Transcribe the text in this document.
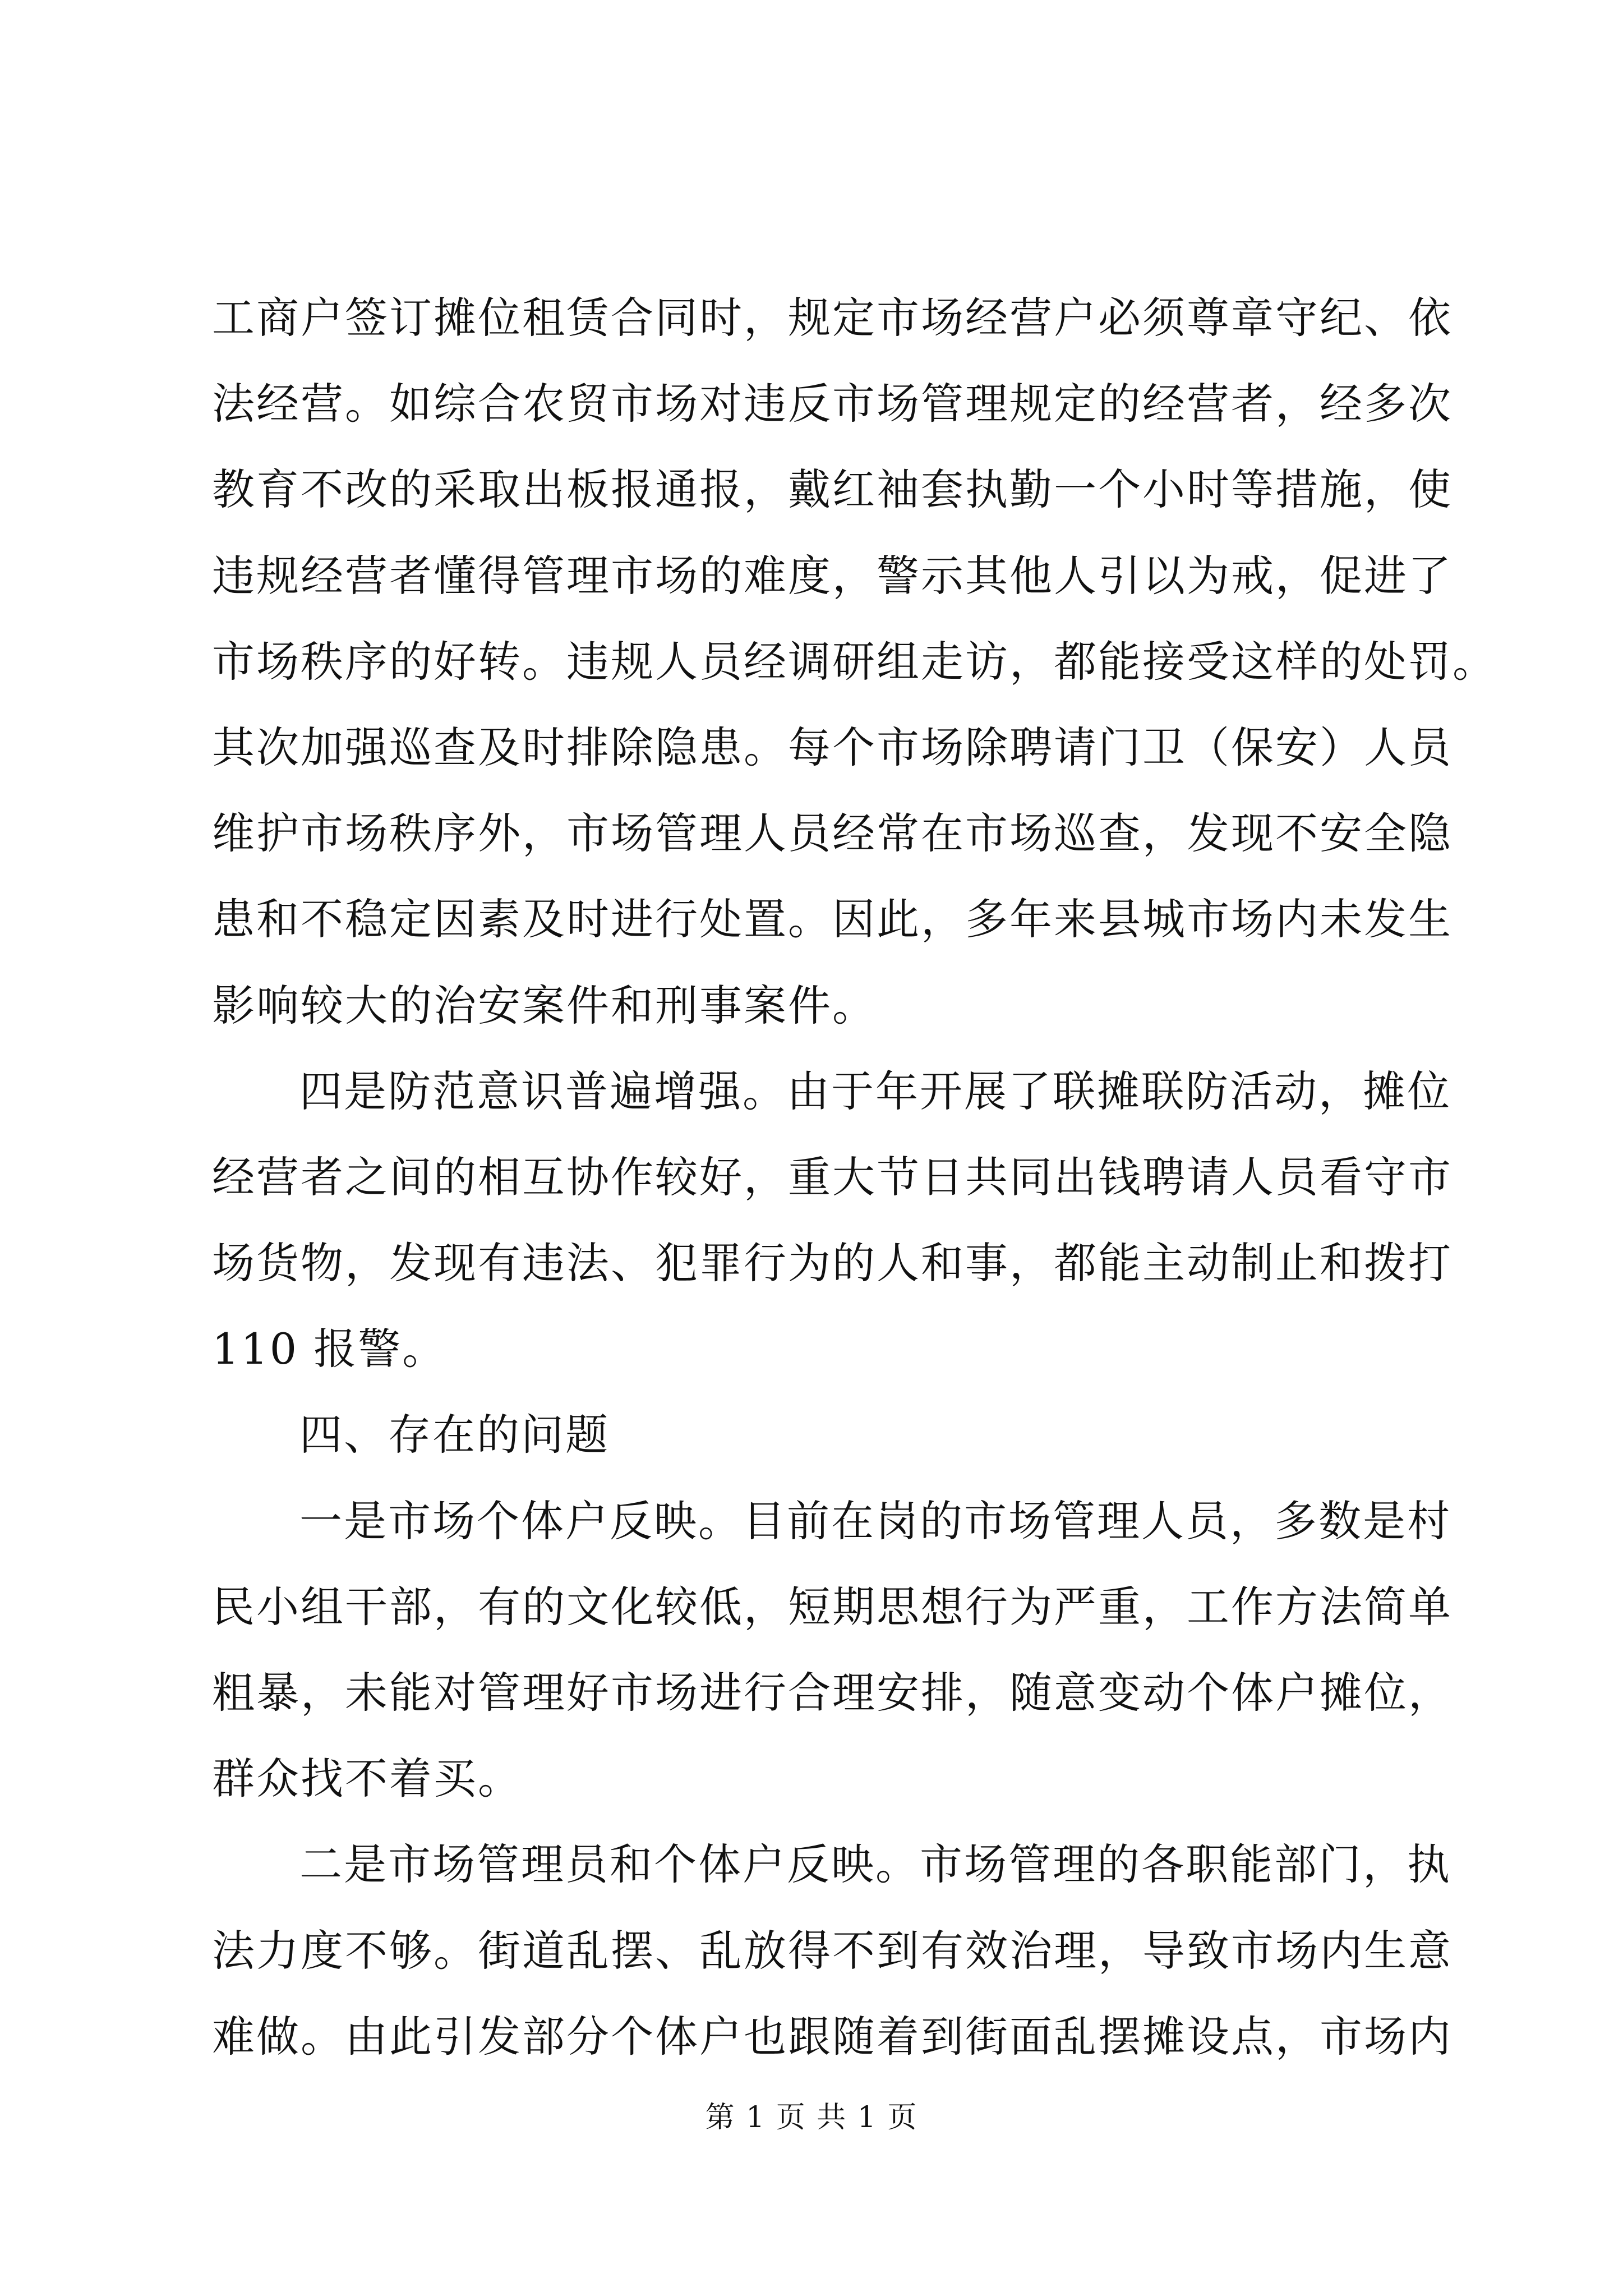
工商户签订摊位租赁合同时，规定市场经营户必须尊章守纪、依
法经营。如综合农贸市场对违反市场管理规定的经营者，经多次
教育不改的采取出板报通报，戴红袖套执勤一个小时等措施，使
违规经营者懂得管理市场的难度，警示其他人引以为戒，促进了
市场秩序的好转。违规人员经调研组走访，都能接受这样的处罚。
其次加强巡查及时排除隐患。每个市场除聘请门卫（保安）人员
维护市场秩序外，市场管理人员经常在市场巡查，发现不安全隐
患和不稳定因素及时进行处置。因此，多年来县城市场内未发生
影响较大的治安案件和刑事案件。
四是防范意识普遍增强。由于年开展了联摊联防活动，摊位
经营者之间的相互协作较好，重大节日共同出钱聘请人员看守市
场货物，发现有违法、犯罪行为的人和事，都能主动制止和拨打
110 报警。
四、存在的问题
一是市场个体户反映。目前在岗的市场管理人员，多数是村
民小组干部，有的文化较低，短期思想行为严重，工作方法简单
粗暴，未能对管理好市场进行合理安排，随意变动个体户摊位，
群众找不着买。
二是市场管理员和个体户反映。市场管理的各职能部门，执
法力度不够。街道乱摆、乱放得不到有效治理，导致市场内生意
难做。由此引发部分个体户也跟随着到街面乱摆摊设点，市场内
第 1 页 共 1 页
